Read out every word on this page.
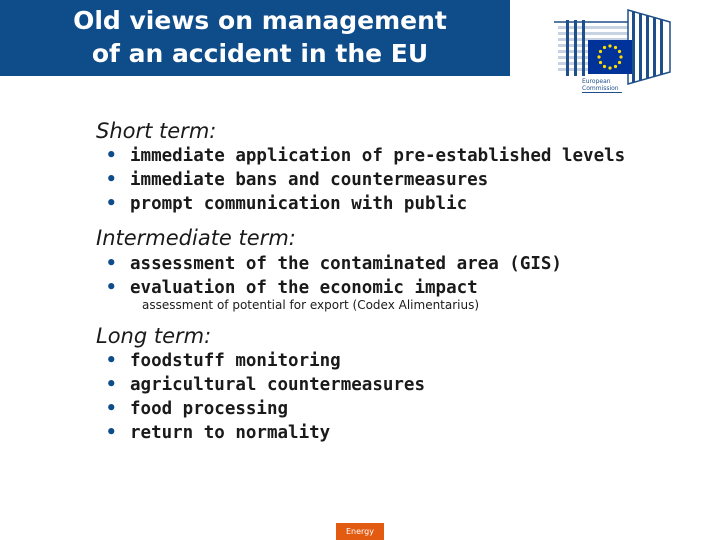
Old views on management
of an accident in the EU
European
Commission
Short term:
• immediate application of pre-established levels
• immediate bans and countermeasures
• prompt communication with public
Intermediate term:
• assessment of the contaminated area (GIS)
• evaluation of the economic impact
assessment of potential for export (Codex Alimentarius)
Long term:
• foodstuff monitoring
• agricultural countermeasures
• food processing
• return to normality
Energy
